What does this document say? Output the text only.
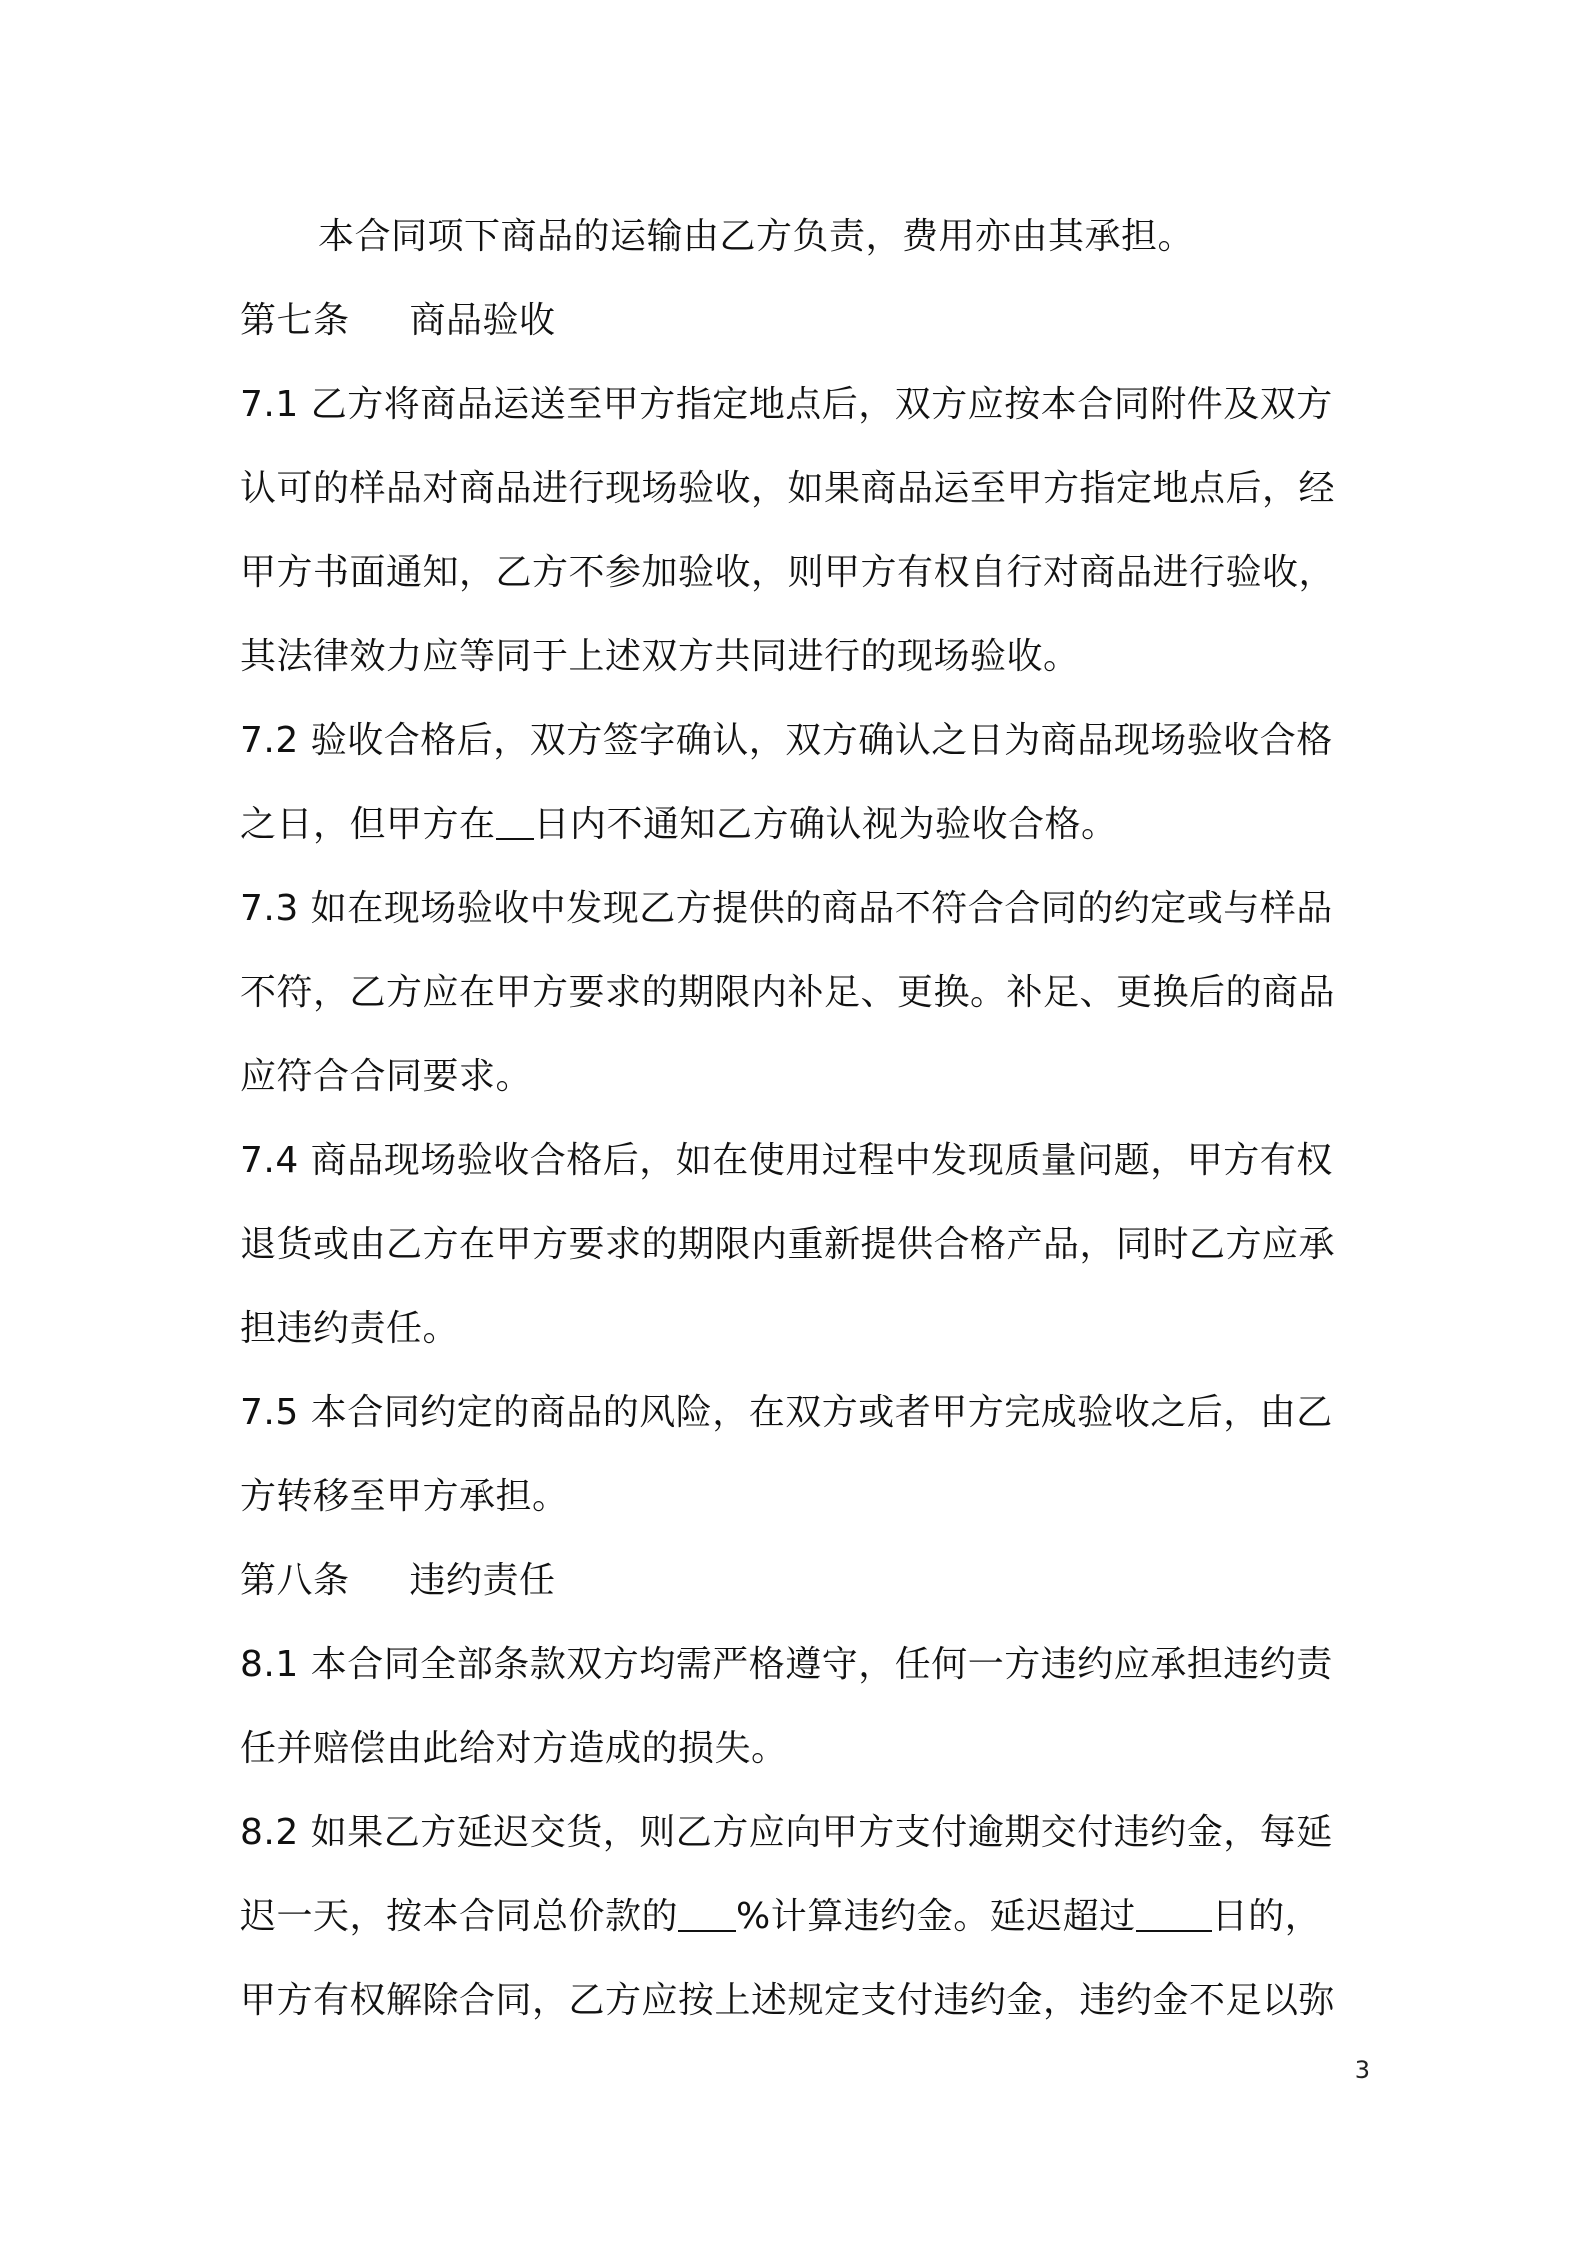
本合同项下商品的运输由乙方负责，费用亦由其承担。
第七条 商品验收
7.1 乙方将商品运送至甲方指定地点后，双方应按本合同附件及双方
认可的样品对商品进行现场验收，如果商品运至甲方指定地点后，经
甲方书面通知，乙方不参加验收，则甲方有权自行对商品进行验收，
其法律效力应等同于上述双方共同进行的现场验收。
7.2 验收合格后，双方签字确认，双方确认之日为商品现场验收合格
之日，但甲方在 日内不通知乙方确认视为验收合格。
7.3 如在现场验收中发现乙方提供的商品不符合合同的约定或与样品
不符，乙方应在甲方要求的期限内补足、更换。补足、更换后的商品
应符合合同要求。
7.4 商品现场验收合格后，如在使用过程中发现质量问题，甲方有权
退货或由乙方在甲方要求的期限内重新提供合格产品，同时乙方应承
担违约责任。
7.5 本合同约定的商品的风险，在双方或者甲方完成验收之后，由乙
方转移至甲方承担。
第八条 违约责任
8.1 本合同全部条款双方均需严格遵守，任何一方违约应承担违约责
任并赔偿由此给对方造成的损失。
8.2 如果乙方延迟交货，则乙方应向甲方支付逾期交付违约金，每延
迟一天，按本合同总价款的 %计算违约金。延迟超过 日的，
甲方有权解除合同，乙方应按上述规定支付违约金，违约金不足以弥
3
